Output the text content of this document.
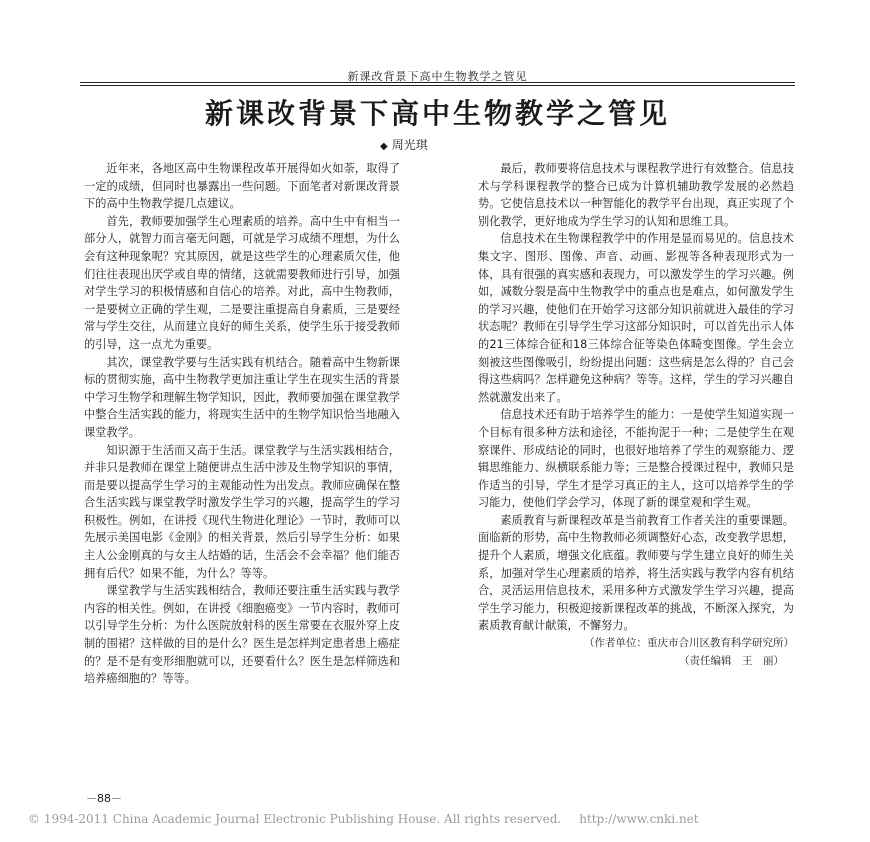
新课改背景下高中生物教学之管见
新课改背景下高中生物教学之管见
◆ 周光琪

近年来，各地区高中生物课程改革开展得如火如荼，取得了一定的成绩，但同时也暴露出一些问题。下面笔者对新课改背景下的高中生物教学提几点建议。

首先，教师要加强学生心理素质的培养。高中生中有相当一部分人，就智力而言毫无问题，可就是学习成绩不理想，为什么会有这种现象呢？究其原因，就是这些学生的心理素质欠佳，他们往往表现出厌学或自卑的情绪，这就需要教师进行引导，加强对学生学习的积极情感和自信心的培养。对此，高中生物教师，一是要树立正确的学生观，二是要注重提高自身素质，三是要经常与学生交往，从而建立良好的师生关系，使学生乐于接受教师的引导，这一点尤为重要。

其次，课堂教学要与生活实践有机结合。随着高中生物新课标的贯彻实施，高中生物教学更加注重让学生在现实生活的背景中学习生物学和理解生物学知识，因此，教师要加强在课堂教学中整合生活实践的能力，将现实生活中的生物学知识恰当地融入课堂教学。

知识源于生活而又高于生活。课堂教学与生活实践相结合，并非只是教师在课堂上随便讲点生活中涉及生物学知识的事情，而是要以提高学生学习的主观能动性为出发点。教师应确保在整合生活实践与课堂教学时激发学生学习的兴趣，提高学生的学习积极性。例如，在讲授《现代生物进化理论》一节时，教师可以先展示美国电影《金刚》的相关背景，然后引导学生分析：如果主人公金刚真的与女主人结婚的话，生活会不会幸福？他们能否拥有后代？如果不能，为什么？等等。

课堂教学与生活实践相结合，教师还要注重生活实践与教学内容的相关性。例如，在讲授《细胞癌变》一节内容时，教师可以引导学生分析：为什么医院放射科的医生常要在衣服外穿上皮制的围裙？这样做的目的是什么？医生是怎样判定患者患上癌症的？是不是有变形细胞就可以，还要看什么？医生是怎样筛选和培养癌细胞的？等等。

最后，教师要将信息技术与课程教学进行有效整合。信息技术与学科课程教学的整合已成为计算机辅助教学发展的必然趋势。它使信息技术以一种智能化的教学平台出现，真正实现了个别化教学，更好地成为学生学习的认知和思维工具。

信息技术在生物课程教学中的作用是显而易见的。信息技术集文字、图形、图像、声音、动画、影视等各种表现形式为一体，具有很强的真实感和表现力，可以激发学生的学习兴趣。例如，减数分裂是高中生物教学中的重点也是难点，如何激发学生的学习兴趣，使他们在开始学习这部分知识前就进入最佳的学习状态呢？教师在引导学生学习这部分知识时，可以首先出示人体的21三体综合征和18三体综合征等染色体畸变图像。学生会立刻被这些图像吸引，纷纷提出问题：这些病是怎么得的？自己会得这些病吗？怎样避免这种病？等等。这样，学生的学习兴趣自然就激发出来了。

信息技术还有助于培养学生的能力：一是使学生知道实现一个目标有很多种方法和途径，不能拘泥于一种；二是使学生在观察课件、形成结论的同时，也很好地培养了学生的观察能力、逻辑思维能力、纵横联系能力等；三是整合授课过程中，教师只是作适当的引导，学生才是学习真正的主人，这可以培养学生的学习能力，使他们学会学习，体现了新的课堂观和学生观。

素质教育与新课程改革是当前教育工作者关注的重要课题。面临新的形势，高中生物教师必须调整好心态，改变教学思想，提升个人素质，增强文化底蕴。教师要与学生建立良好的师生关系，加强对学生心理素质的培养，将生活实践与教学内容有机结合，灵活运用信息技术，采用多种方式激发学生学习兴趣，提高学生学习能力，积极迎接新课程改革的挑战，不断深入探究，为素质教育献计献策，不懈努力。

（作者单位：重庆市合川区教育科学研究所）

（责任编辑　王　丽）

－88－
© 1994-2011 China Academic Journal Electronic Publishing House. All rights reserved. http://www.cnki.net
